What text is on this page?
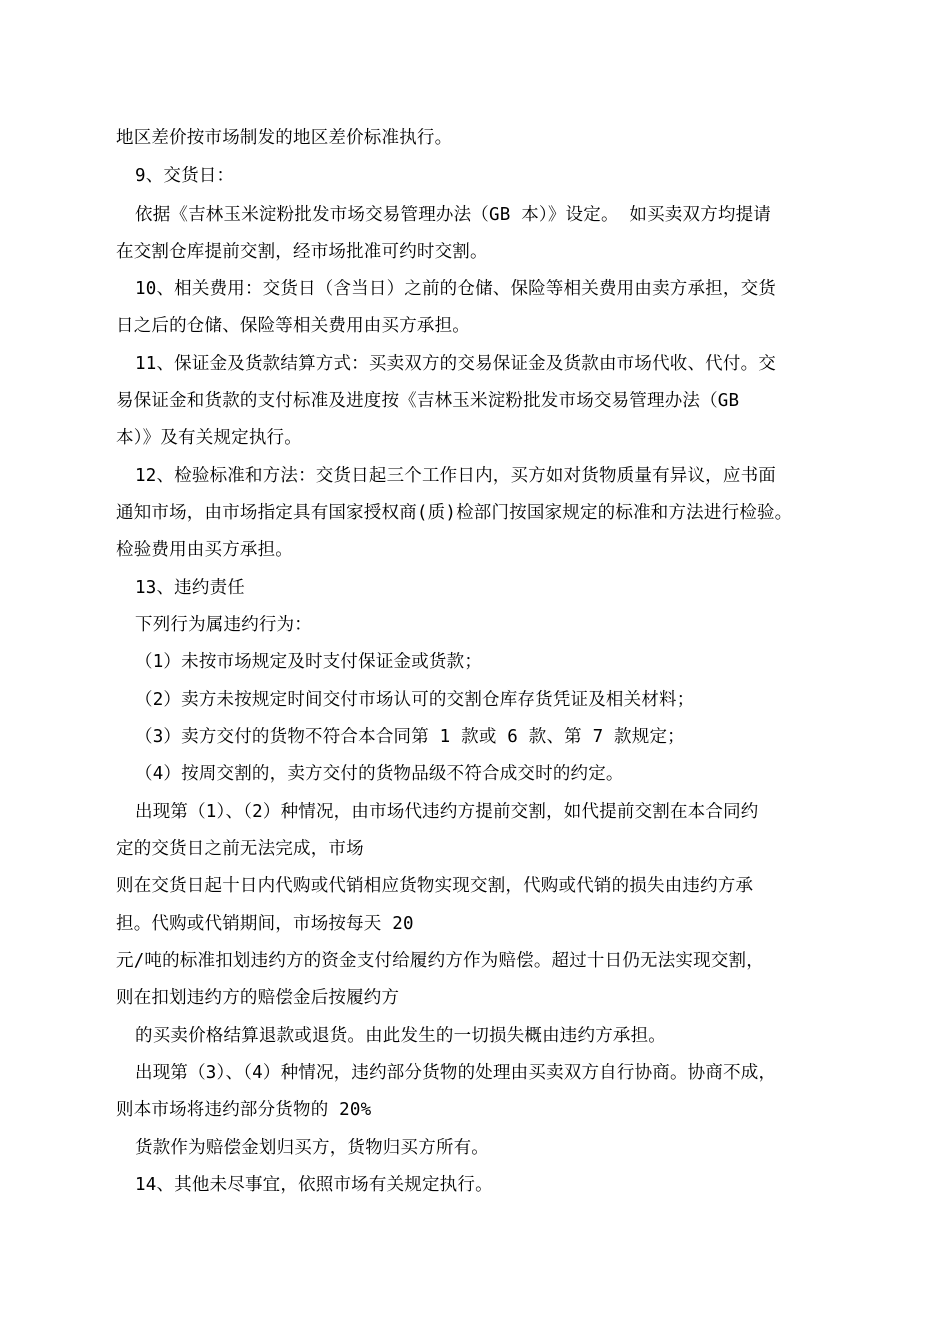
地区差价按市场制发的地区差价标准执行。
9、交货日：
依据《吉林玉米淀粉批发市场交易管理办法（GB 本）》设定。 如买卖双方均提请
在交割仓库提前交割，经市场批准可约时交割。
10、相关费用：交货日（含当日）之前的仓储、保险等相关费用由卖方承担，交货
日之后的仓储、保险等相关费用由买方承担。
11、保证金及货款结算方式：买卖双方的交易保证金及货款由市场代收、代付。交
易保证金和货款的支付标准及进度按《吉林玉米淀粉批发市场交易管理办法（GB
本）》及有关规定执行。
12、检验标准和方法：交货日起三个工作日内，买方如对货物质量有异议，应书面
通知市场，由市场指定具有国家授权商(质)检部门按国家规定的标准和方法进行检验。
检验费用由买方承担。
13、违约责任
下列行为属违约行为：
（1）未按市场规定及时支付保证金或货款；
（2）卖方未按规定时间交付市场认可的交割仓库存货凭证及相关材料；
（3）卖方交付的货物不符合本合同第 1 款或 6 款、第 7 款规定；
（4）按周交割的，卖方交付的货物品级不符合成交时的约定。
出现第（1）、（2）种情况，由市场代违约方提前交割，如代提前交割在本合同约
定的交货日之前无法完成，市场
则在交货日起十日内代购或代销相应货物实现交割，代购或代销的损失由违约方承
担。代购或代销期间，市场按每天 20
元/吨的标准扣划违约方的资金支付给履约方作为赔偿。超过十日仍无法实现交割，
则在扣划违约方的赔偿金后按履约方
的买卖价格结算退款或退货。由此发生的一切损失概由违约方承担。
出现第（3）、（4）种情况，违约部分货物的处理由买卖双方自行协商。协商不成，
则本市场将违约部分货物的 20%
货款作为赔偿金划归买方，货物归买方所有。
14、其他未尽事宜，依照市场有关规定执行。
